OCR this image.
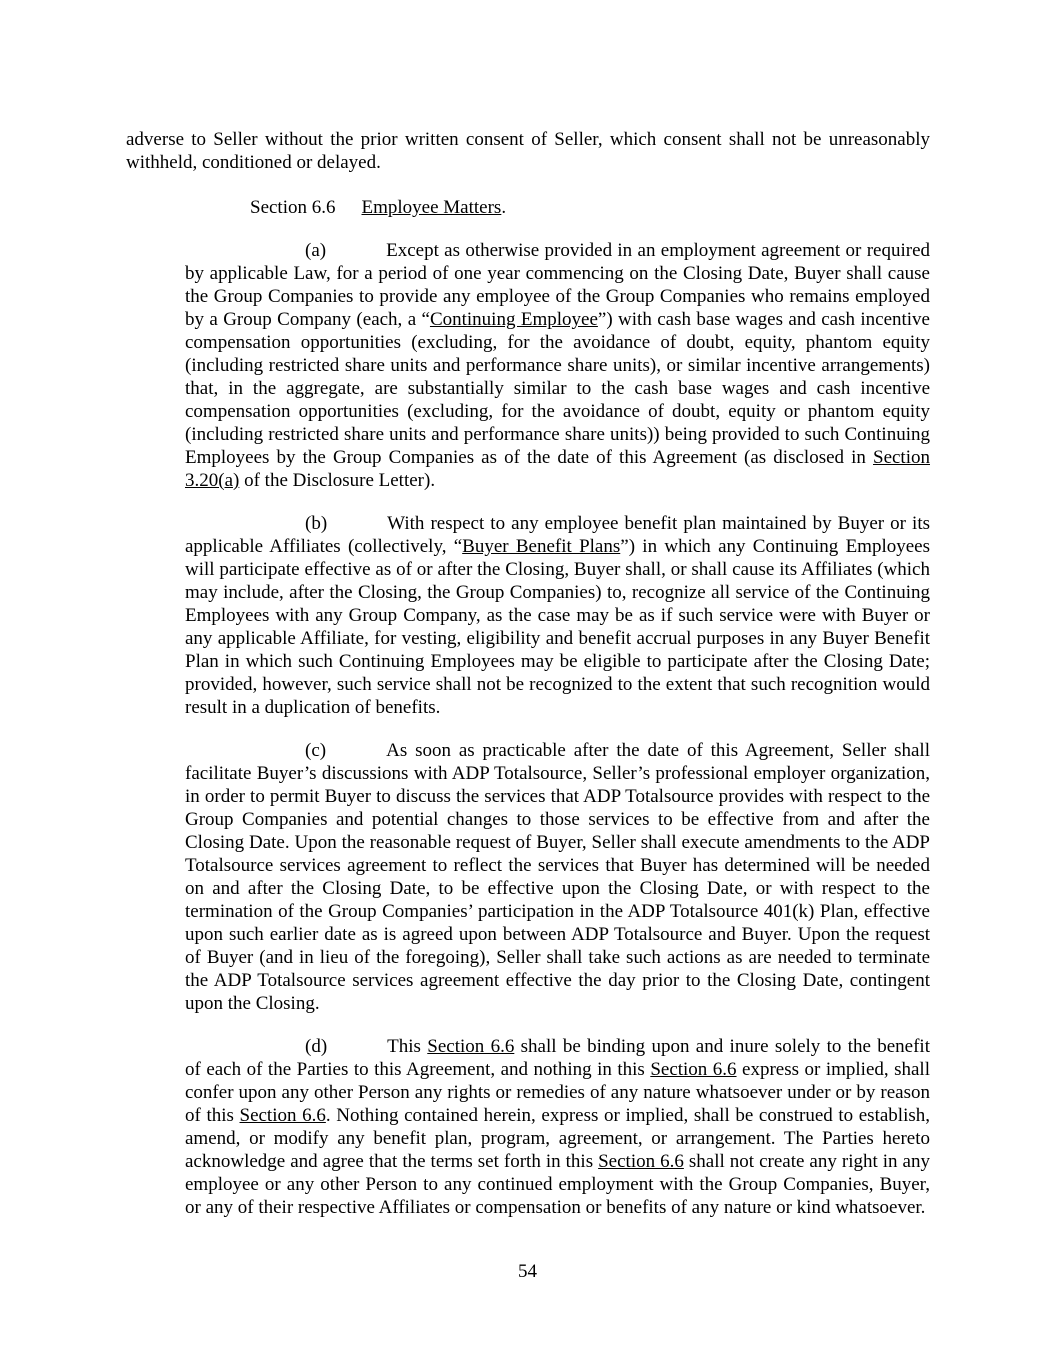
adverse to Seller without the prior written consent of Seller, which consent shall not be unreasonably withheld, conditioned or delayed.

Section 6.6 Employee Matters.

(a)	Except as otherwise provided in an employment agreement or required by applicable Law, for a period of one year commencing on the Closing Date, Buyer shall cause the Group Companies to provide any employee of the Group Companies who remains employed by a Group Company (each, a “Continuing Employee”) with cash base wages and cash incentive compensation opportunities (excluding, for the avoidance of doubt, equity, phantom equity (including restricted share units and performance share units), or similar incentive arrangements) that, in the aggregate, are substantially similar to the cash base wages and cash incentive compensation opportunities (excluding, for the avoidance of doubt, equity or phantom equity (including restricted share units and performance share units)) being provided to such Continuing Employees by the Group Companies as of the date of this Agreement (as disclosed in Section 3.20(a) of the Disclosure Letter).

(b)	With respect to any employee benefit plan maintained by Buyer or its applicable Affiliates (collectively, “Buyer Benefit Plans”) in which any Continuing Employees will participate effective as of or after the Closing, Buyer shall, or shall cause its Affiliates (which may include, after the Closing, the Group Companies) to, recognize all service of the Continuing Employees with any Group Company, as the case may be as if such service were with Buyer or any applicable Affiliate, for vesting, eligibility and benefit accrual purposes in any Buyer Benefit Plan in which such Continuing Employees may be eligible to participate after the Closing Date; provided, however, such service shall not be recognized to the extent that such recognition would result in a duplication of benefits.

(c)	As soon as practicable after the date of this Agreement, Seller shall facilitate Buyer’s discussions with ADP Totalsource, Seller’s professional employer organization, in order to permit Buyer to discuss the services that ADP Totalsource provides with respect to the Group Companies and potential changes to those services to be effective from and after the Closing Date. Upon the reasonable request of Buyer, Seller shall execute amendments to the ADP Totalsource services agreement to reflect the services that Buyer has determined will be needed on and after the Closing Date, to be effective upon the Closing Date, or with respect to the termination of the Group Companies’ participation in the ADP Totalsource 401(k) Plan, effective upon such earlier date as is agreed upon between ADP Totalsource and Buyer. Upon the request of Buyer (and in lieu of the foregoing), Seller shall take such actions as are needed to terminate the ADP Totalsource services agreement effective the day prior to the Closing Date, contingent upon the Closing.

(d)	This Section 6.6 shall be binding upon and inure solely to the benefit of each of the Parties to this Agreement, and nothing in this Section 6.6 express or implied, shall confer upon any other Person any rights or remedies of any nature whatsoever under or by reason of this Section 6.6. Nothing contained herein, express or implied, shall be construed to establish, amend, or modify any benefit plan, program, agreement, or arrangement. The Parties hereto acknowledge and agree that the terms set forth in this Section 6.6 shall not create any right in any employee or any other Person to any continued employment with the Group Companies, Buyer, or any of their respective Affiliates or compensation or benefits of any nature or kind whatsoever.

54
